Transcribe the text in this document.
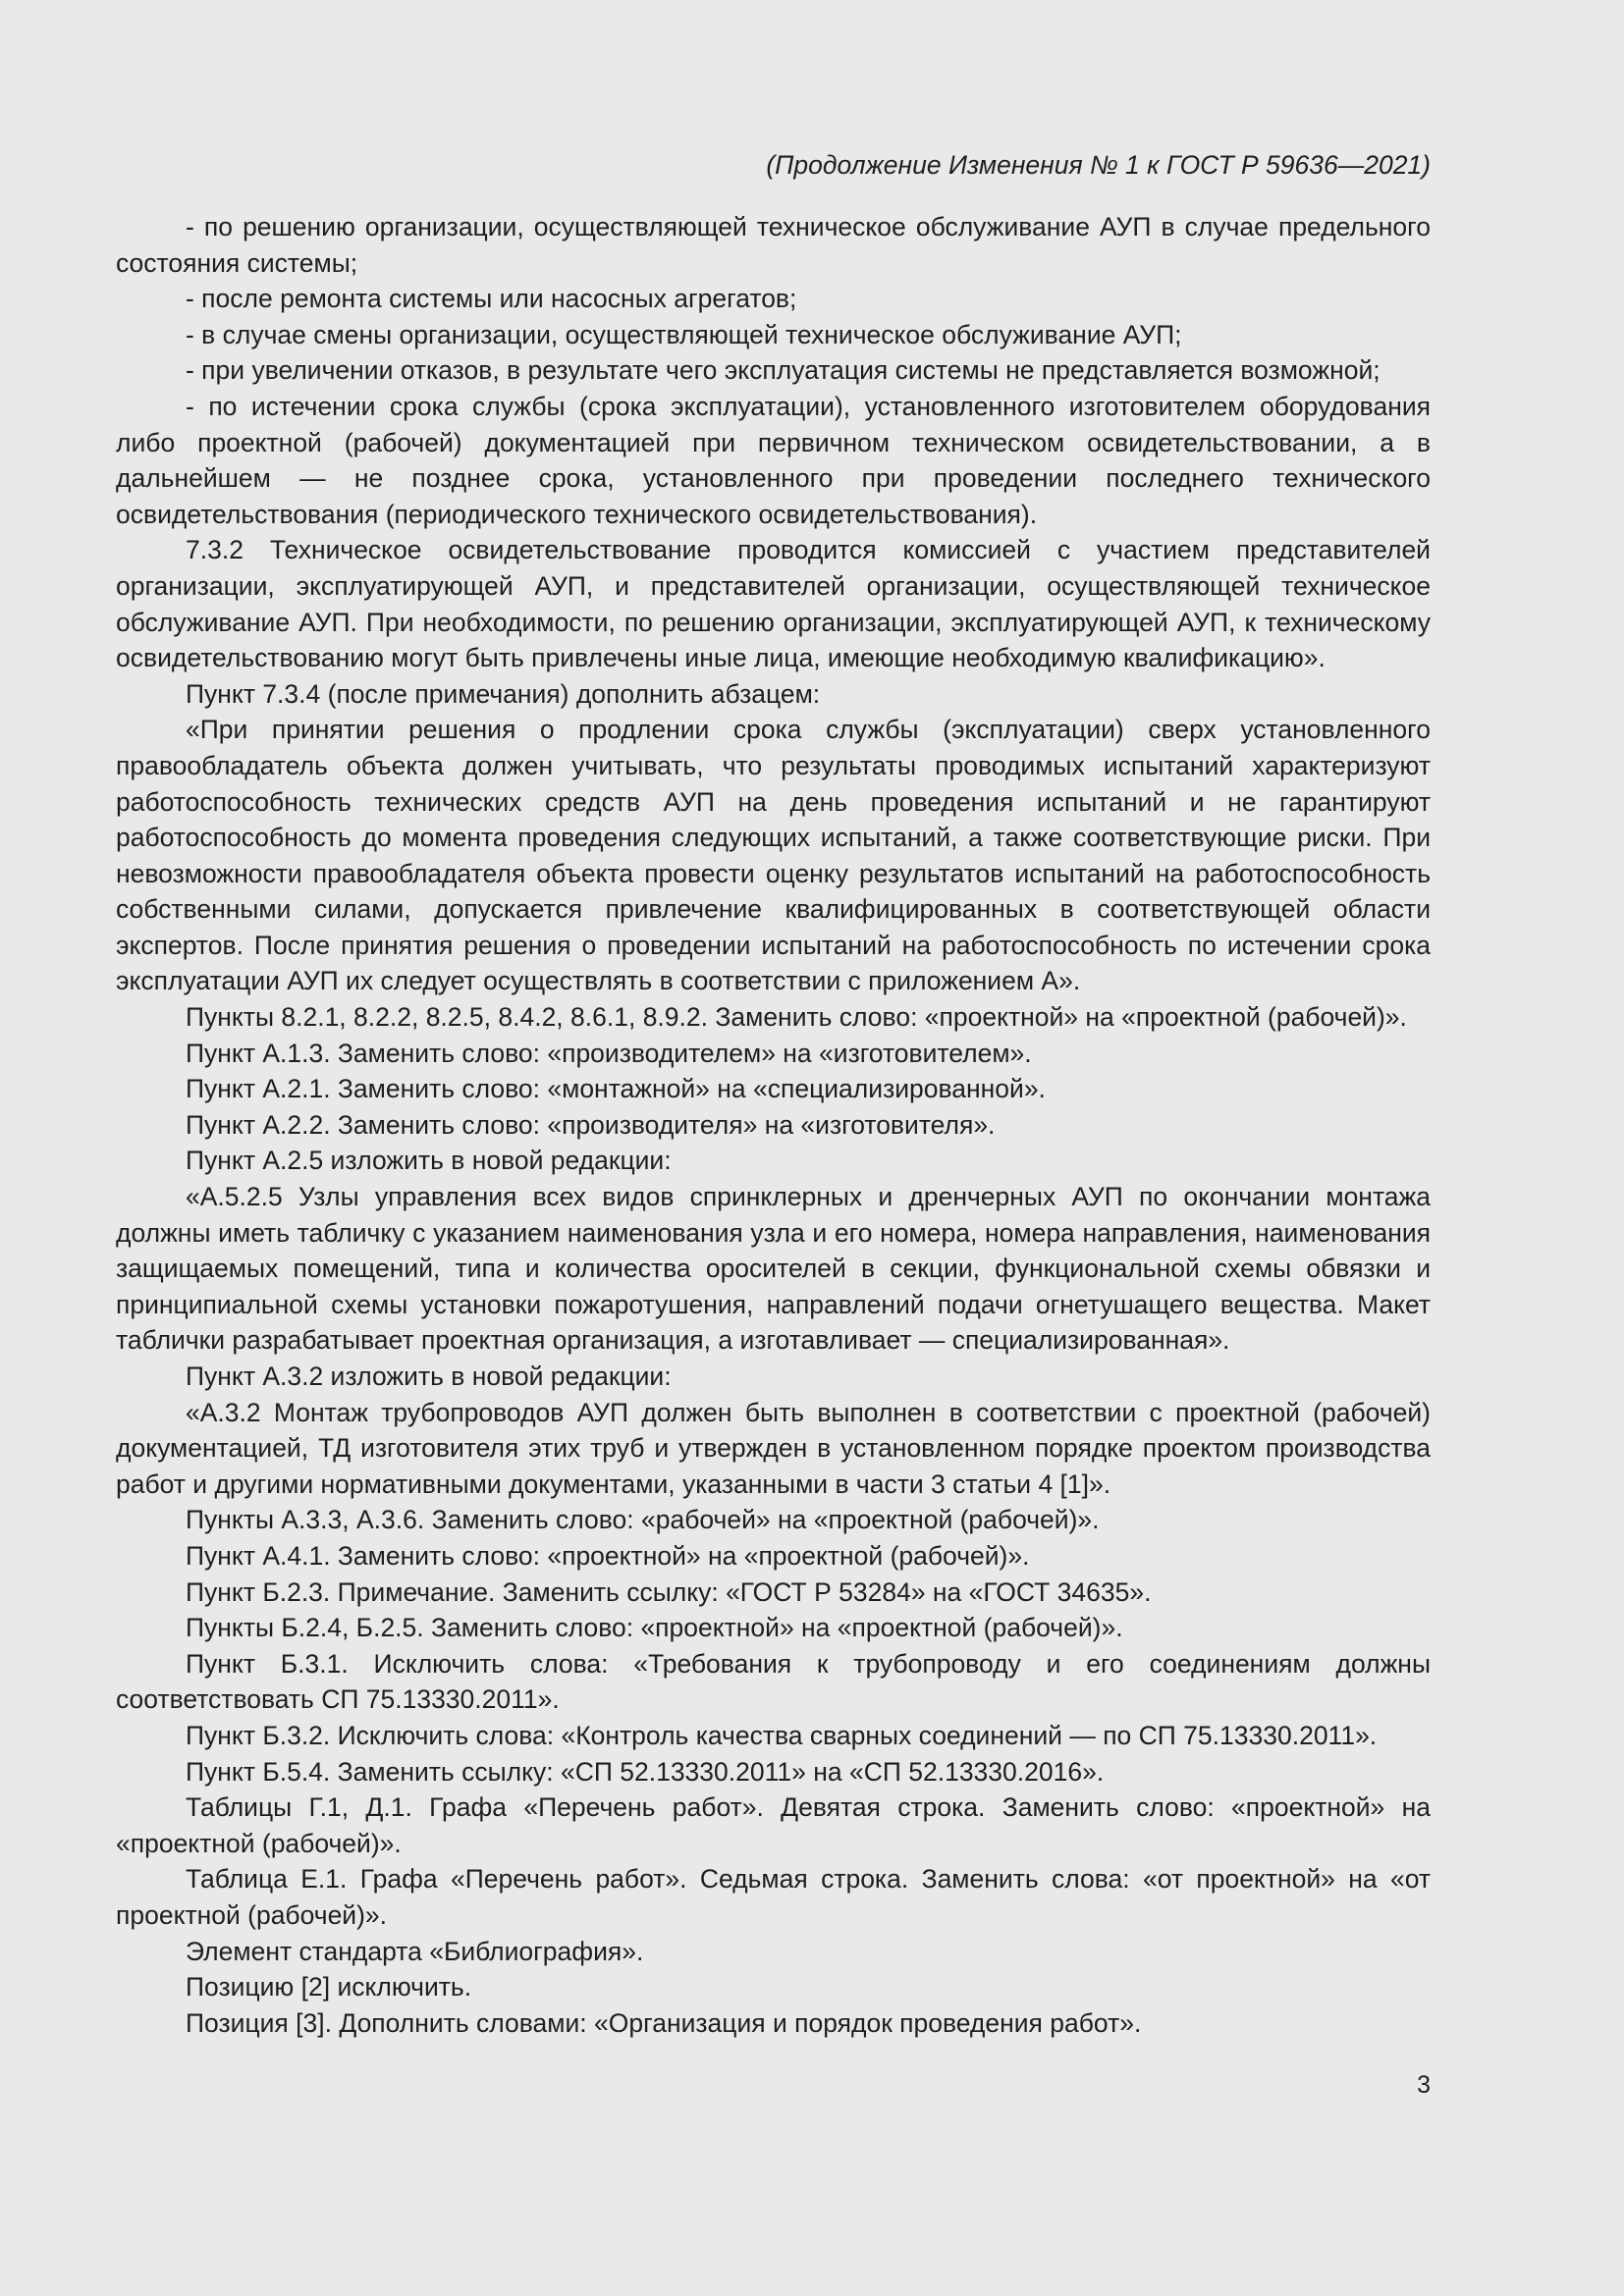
(Продолжение Изменения № 1 к ГОСТ Р 59636—2021)

- по решению организации, осуществляющей техническое обслуживание АУП в случае предельного состояния системы;

- после ремонта системы или насосных агрегатов;

- в случае смены организации, осуществляющей техническое обслуживание АУП;

- при увеличении отказов, в результате чего эксплуатация системы не представляется возможной;

- по истечении срока службы (срока эксплуатации), установленного изготовителем оборудования либо проектной (рабочей) документацией при первичном техническом освидетельствовании, а в дальнейшем — не позднее срока, установленного при проведении последнего технического освидетельствования (периодического технического освидетельствования).

7.3.2 Техническое освидетельствование проводится комиссией с участием представителей организации, эксплуатирующей АУП, и представителей организации, осуществляющей техническое обслуживание АУП. При необходимости, по решению организации, эксплуатирующей АУП, к техническому освидетельствованию могут быть привлечены иные лица, имеющие необходимую квалификацию».

Пункт 7.3.4 (после примечания) дополнить абзацем:

«При принятии решения о продлении срока службы (эксплуатации) сверх установленного правообладатель объекта должен учитывать, что результаты проводимых испытаний характеризуют работоспособность технических средств АУП на день проведения испытаний и не гарантируют работоспособность до момента проведения следующих испытаний, а также соответствующие риски. При невозможности правообладателя объекта провести оценку результатов испытаний на работоспособность собственными силами, допускается привлечение квалифицированных в соответствующей области экспертов. После принятия решения о проведении испытаний на работоспособность по истечении срока эксплуатации АУП их следует осуществлять в соответствии с приложением А».

Пункты 8.2.1, 8.2.2, 8.2.5, 8.4.2, 8.6.1, 8.9.2. Заменить слово: «проектной» на «проектной (рабочей)».

Пункт А.1.3. Заменить слово: «производителем» на «изготовителем».

Пункт А.2.1. Заменить слово: «монтажной» на «специализированной».

Пункт А.2.2. Заменить слово: «производителя» на «изготовителя».

Пункт А.2.5 изложить в новой редакции:

«А.5.2.5 Узлы управления всех видов спринклерных и дренчерных АУП по окончании монтажа должны иметь табличку с указанием наименования узла и его номера, номера направления, наименования защищаемых помещений, типа и количества оросителей в секции, функциональной схемы обвязки и принципиальной схемы установки пожаротушения, направлений подачи огнетушащего вещества. Макет таблички разрабатывает проектная организация, а изготавливает — специализированная».

Пункт А.3.2 изложить в новой редакции:

«А.3.2 Монтаж трубопроводов АУП должен быть выполнен в соответствии с проектной (рабочей) документацией, ТД изготовителя этих труб и утвержден в установленном порядке проектом производства работ и другими нормативными документами, указанными в части 3 статьи 4 [1]».

Пункты А.3.3, А.3.6. Заменить слово: «рабочей» на «проектной (рабочей)».

Пункт А.4.1. Заменить слово: «проектной» на «проектной (рабочей)».

Пункт Б.2.3. Примечание. Заменить ссылку: «ГОСТ Р 53284» на «ГОСТ 34635».

Пункты Б.2.4, Б.2.5. Заменить слово: «проектной» на «проектной (рабочей)».

Пункт Б.3.1. Исключить слова: «Требования к трубопроводу и его соединениям должны соответствовать СП 75.13330.2011».

Пункт Б.3.2. Исключить слова: «Контроль качества сварных соединений — по СП 75.13330.2011».

Пункт Б.5.4. Заменить ссылку: «СП 52.13330.2011» на «СП 52.13330.2016».

Таблицы Г.1, Д.1. Графа «Перечень работ». Девятая строка. Заменить слово: «проектной» на «проектной (рабочей)».

Таблица Е.1. Графа «Перечень работ». Седьмая строка. Заменить слова: «от проектной» на «от проектной (рабочей)».

Элемент стандарта «Библиография».

Позицию [2] исключить.

Позиция [3]. Дополнить словами: «Организация и порядок проведения работ».

3
